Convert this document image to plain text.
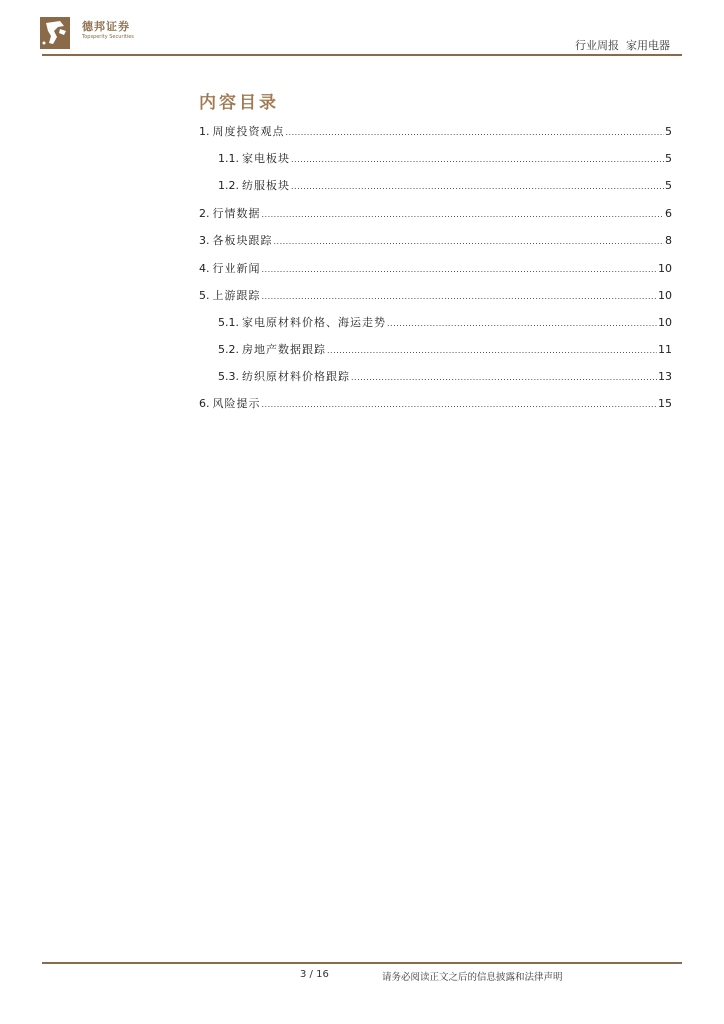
德邦证券
Topsperity Securities
行业周报 家用电器
内容目录
1. 周度投资观点 .....	5
1.1. 家电板块 .....	5
1.2. 纺服板块 .....	5
2. 行情数据 .....	6
3. 各板块跟踪 .....	8
4. 行业新闻 .....	10
5. 上游跟踪 .....	10
5.1. 家电原材料价格、海运走势 .....	10
5.2. 房地产数据跟踪 .....	11
5.3. 纺织原材料价格跟踪 .....	13
6. 风险提示 .....	15
3 / 16	请务必阅读正文之后的信息披露和法律声明
